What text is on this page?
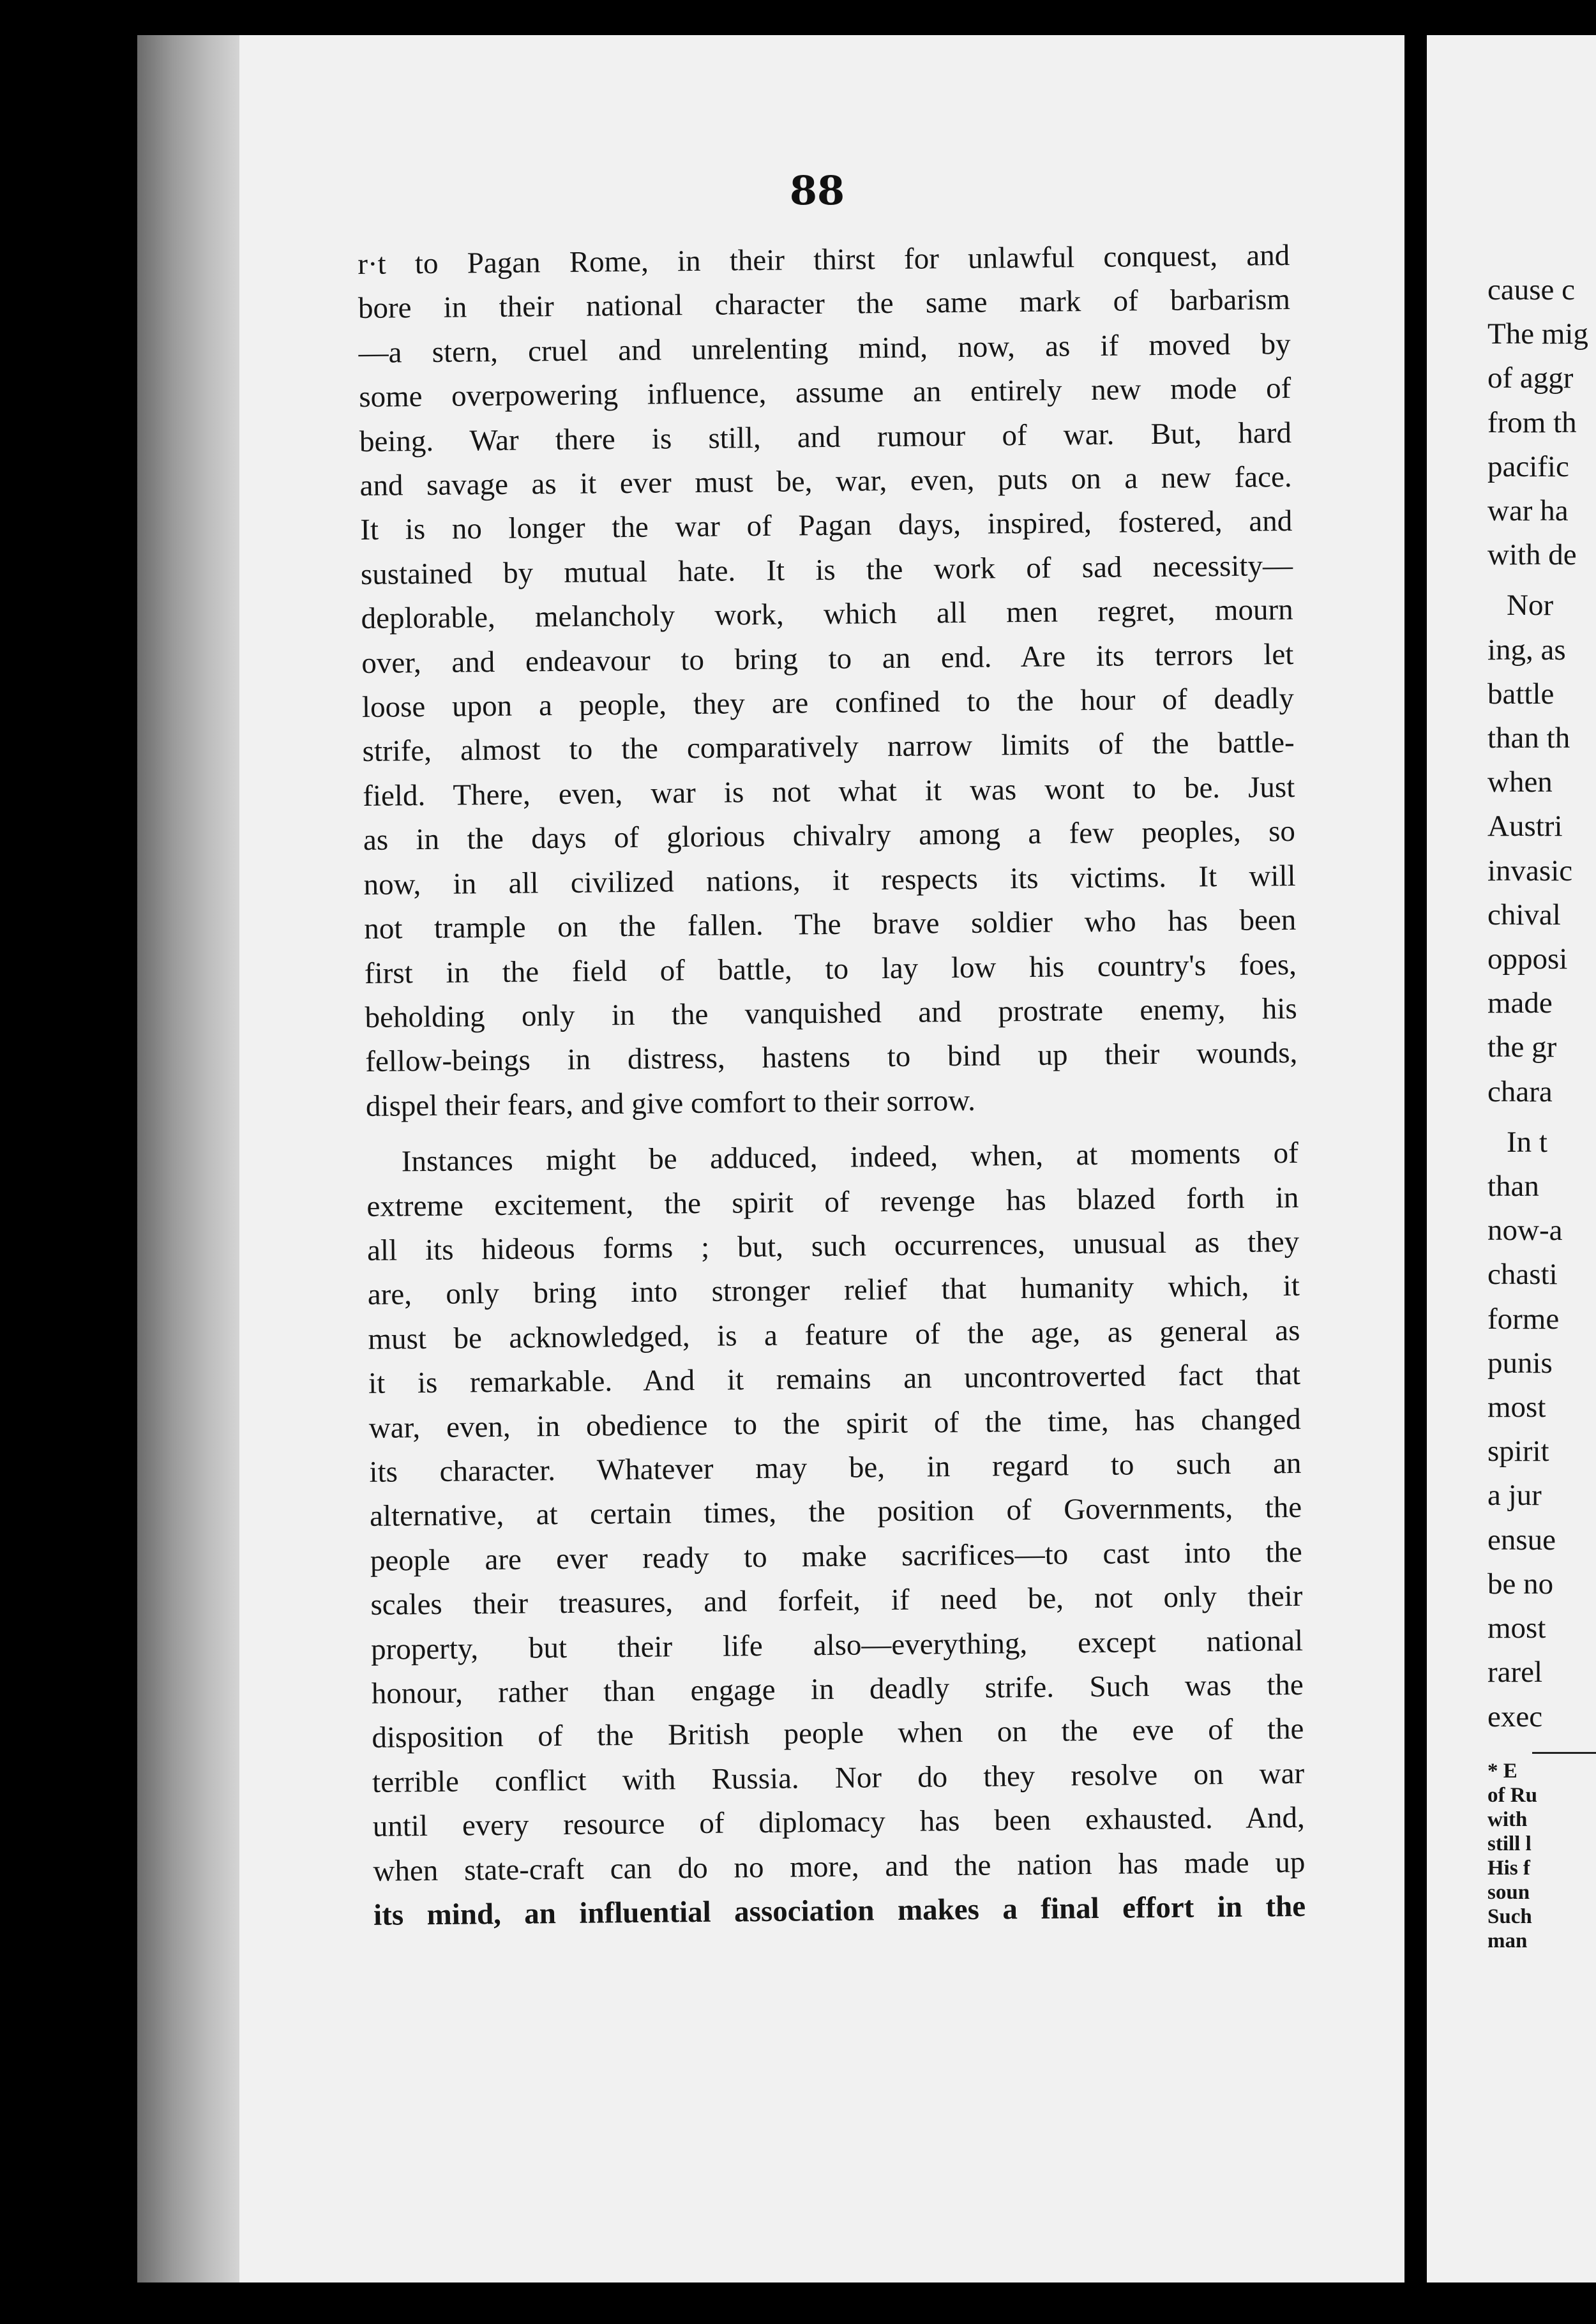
88
r·t to Pagan Rome, in their thirst for unlawful conquest, and
bore in their national character the same mark of barbarism
—a stern, cruel and unrelenting mind, now, as if moved by
some overpowering influence, assume an entirely new mode of
being. War there is still, and rumour of war. But, hard
and savage as it ever must be, war, even, puts on a new face.
It is no longer the war of Pagan days, inspired, fostered, and
sustained by mutual hate. It is the work of sad necessity—
deplorable, melancholy work, which all men regret, mourn
over, and endeavour to bring to an end. Are its terrors let
loose upon a people, they are confined to the hour of deadly
strife, almost to the comparatively narrow limits of the battle-
field. There, even, war is not what it was wont to be. Just
as in the days of glorious chivalry among a few peoples, so
now, in all civilized nations, it respects its victims. It will
not trample on the fallen. The brave soldier who has been
first in the field of battle, to lay low his country's foes,
beholding only in the vanquished and prostrate enemy, his
fellow-beings in distress, hastens to bind up their wounds,
dispel their fears, and give comfort to their sorrow.
Instances might be adduced, indeed, when, at moments of
extreme excitement, the spirit of revenge has blazed forth in
all its hideous forms ; but, such occurrences, unusual as they
are, only bring into stronger relief that humanity which, it
must be acknowledged, is a feature of the age, as general as
it is remarkable. And it remains an uncontroverted fact that
war, even, in obedience to the spirit of the time, has changed
its character. Whatever may be, in regard to such an
alternative, at certain times, the position of Governments, the
people are ever ready to make sacrifices—to cast into the
scales their treasures, and forfeit, if need be, not only their
property, but their life also—everything, except national
honour, rather than engage in deadly strife. Such was the
disposition of the British people when on the eve of the
terrible conflict with Russia. Nor do they resolve on war
until every resource of diplomacy has been exhausted. And,
when state-craft can do no more, and the nation has made up
its mind, an influential association makes a final effort in the
cause c
The mig
of aggr
from th
pacific
war ha
with de
Nor
ing, as
battle
than th
when
Austri
invasic
chival
opposi
made
the gr
chara
In t
than
now-a
chasti
forme
punis
most
spirit
a jur
ensue
be no
most
rarel
exec
* E
of Ru
with
still l
His f
soun
Such
man
